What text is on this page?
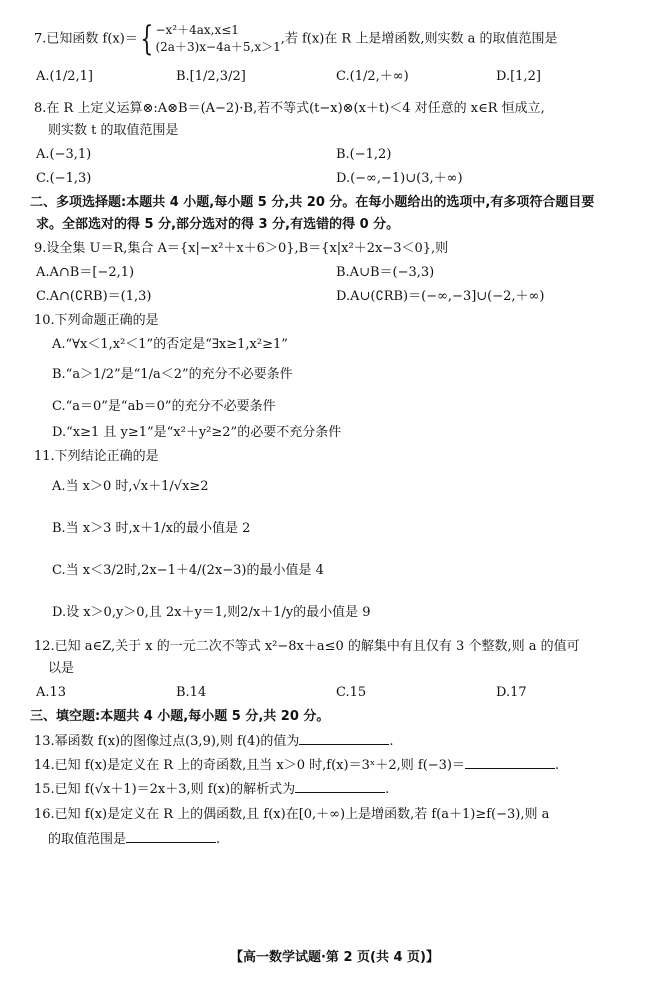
7.已知函数 f(x)＝{ −x²＋4ax,x≤1
(2a＋3)x−4a＋5,x＞1
,若 f(x)在 R 上是增函数,则实数 a 的取值范围是
A.(1/2,1]	B.[1/2,3/2]	C.(1/2,＋∞)	D.[1,2]
8.在 R 上定义运算⊗:A⊗B＝(A−2)·B,若不等式(t−x)⊗(x＋t)＜4 对任意的 x∈R 恒成立,
则实数 t 的取值范围是
A.(−3,1)	B.(−1,2)
C.(−1,3)	D.(−∞,−1)∪(3,＋∞)
二、多项选择题:本题共 4 小题,每小题 5 分,共 20 分。在每小题给出的选项中,有多项符合题目要
求。全部选对的得 5 分,部分选对的得 3 分,有选错的得 0 分。
9.设全集 U＝R,集合 A＝{x|−x²＋x＋6＞0},B＝{x|x²＋2x−3＜0},则
A.A∩B＝[−2,1)	B.A∪B＝(−3,3)
C.A∩(∁RB)＝(1,3)	D.A∪(∁RB)＝(−∞,−3]∪(−2,＋∞)
10.下列命题正确的是
A.“∀x＜1,x²＜1”的否定是“∃x≥1,x²≥1”
B.“a＞1/2”是“1/a＜2”的充分不必要条件
C.“a＝0”是“ab＝0”的充分不必要条件
D.“x≥1 且 y≥1”是“x²＋y²≥2”的必要不充分条件
11.下列结论正确的是
A.当 x＞0 时,√x＋1/√x≥2
B.当 x＞3 时,x＋1/x的最小值是 2
C.当 x＜3/2时,2x−1＋4/(2x−3)的最小值是 4
D.设 x＞0,y＞0,且 2x＋y＝1,则2/x＋1/y的最小值是 9
12.已知 a∈Z,关于 x 的一元二次不等式 x²−8x＋a≤0 的解集中有且仅有 3 个整数,则 a 的值可
以是
A.13	B.14	C.15	D.17
三、填空题:本题共 4 小题,每小题 5 分,共 20 分。
13.幂函数 f(x)的图像过点(3,9),则 f(4)的值为	.
14.已知 f(x)是定义在 R 上的奇函数,且当 x＞0 时,f(x)＝3ˣ＋2,则 f(−3)＝	.
15.已知 f(√x＋1)＝2x＋3,则 f(x)的解析式为	.
16.已知 f(x)是定义在 R 上的偶函数,且 f(x)在[0,＋∞)上是增函数,若 f(a＋1)≥f(−3),则 a
的取值范围是	.
【高一数学试题·第 2 页(共 4 页)】
